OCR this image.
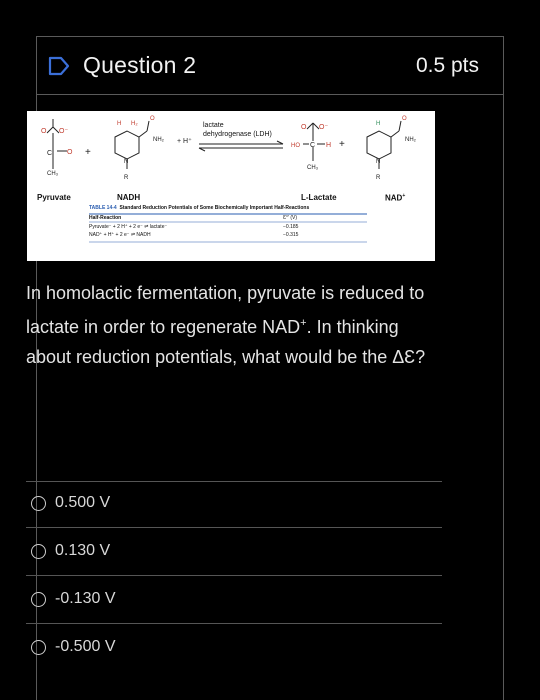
Question 2	0.5 pts
O O⁻
C O
CH₃
+
H H₂
O
NH₂
N
R
+ H⁺
O O⁻
HO C H
CH₃
+
H
O
NH₂
N
R
lactate
dehydrogenase (LDH)
Pyruvate	NADH	L-Lactate	NAD+
TABLE 14-4 Standard Reduction Potentials of Some Biochemically Important Half-Reactions
Half-Reaction	Ɛ°′ (V)
Pyruvate⁻ + 2 H⁺ + 2 e⁻ ⇌ lactate⁻	−0.185
NAD⁺ + H⁺ + 2 e⁻ ⇌ NADH	−0.315
In homolactic fermentation, pyruvate is reduced to lactate in order to regenerate NAD+. In thinking about reduction potentials, what would be the ΔƐ?
0.500 V
0.130 V
-0.130 V
-0.500 V
